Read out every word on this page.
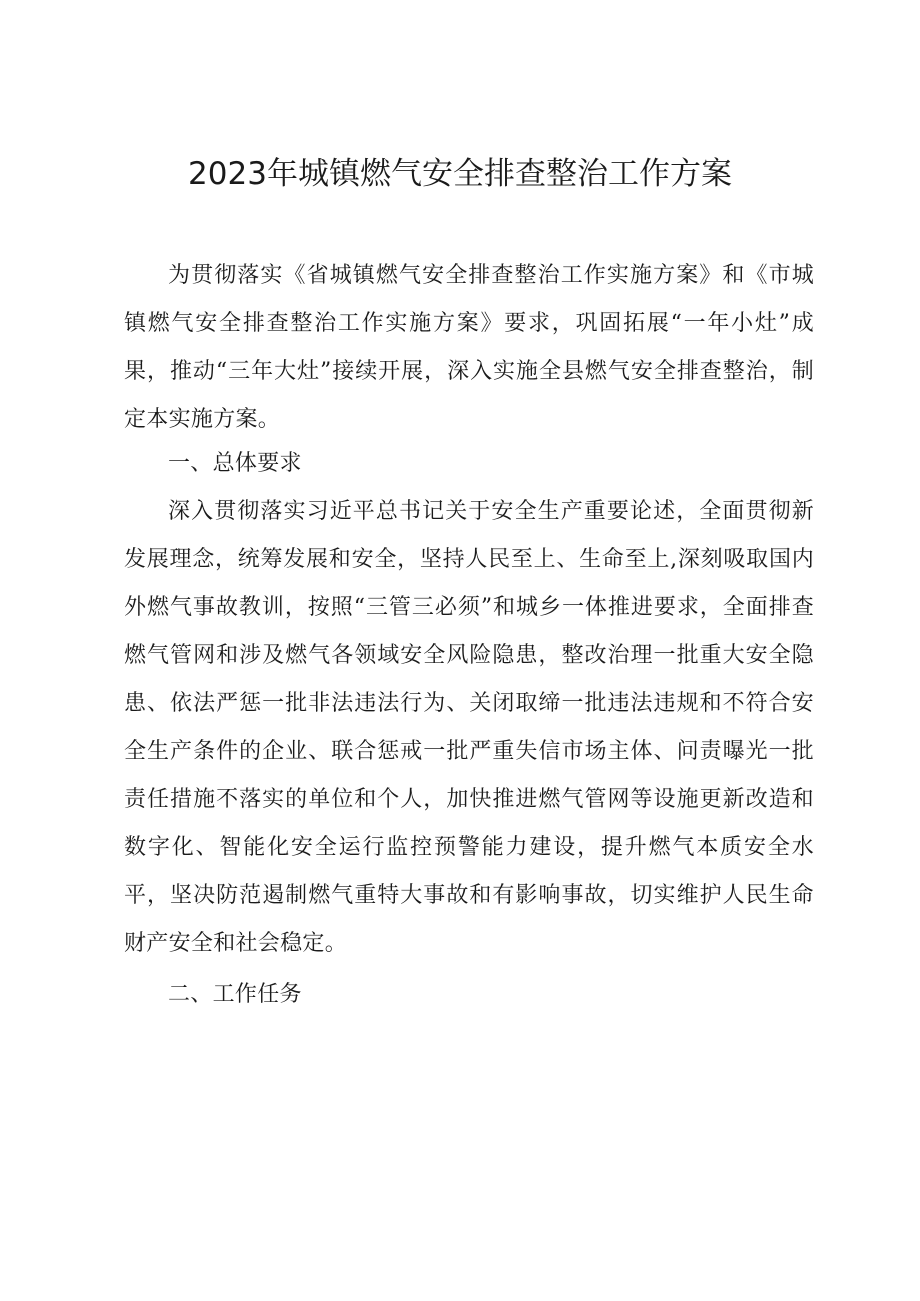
2023年城镇燃气安全排查整治工作方案

为贯彻落实《省城镇燃气安全排查整治工作实施方案》和《市城镇燃气安全排查整治工作实施方案》要求，巩固拓展“一年小灶”成果，推动“三年大灶”接续开展，深入实施全县燃气安全排查整治，制定本实施方案。

一、总体要求

深入贯彻落实习近平总书记关于安全生产重要论述，全面贯彻新发展理念，统筹发展和安全，坚持人民至上、生命至上,深刻吸取国内外燃气事故教训，按照“三管三必须”和城乡一体推进要求，全面排查燃气管网和涉及燃气各领域安全风险隐患，整改治理一批重大安全隐患、依法严惩一批非法违法行为、关闭取缔一批违法违规和不符合安全生产条件的企业、联合惩戒一批严重失信市场主体、问责曝光一批责任措施不落实的单位和个人，加快推进燃气管网等设施更新改造和数字化、智能化安全运行监控预警能力建设，提升燃气本质安全水平，坚决防范遏制燃气重特大事故和有影响事故，切实维护人民生命财产安全和社会稳定。

二、工作任务
